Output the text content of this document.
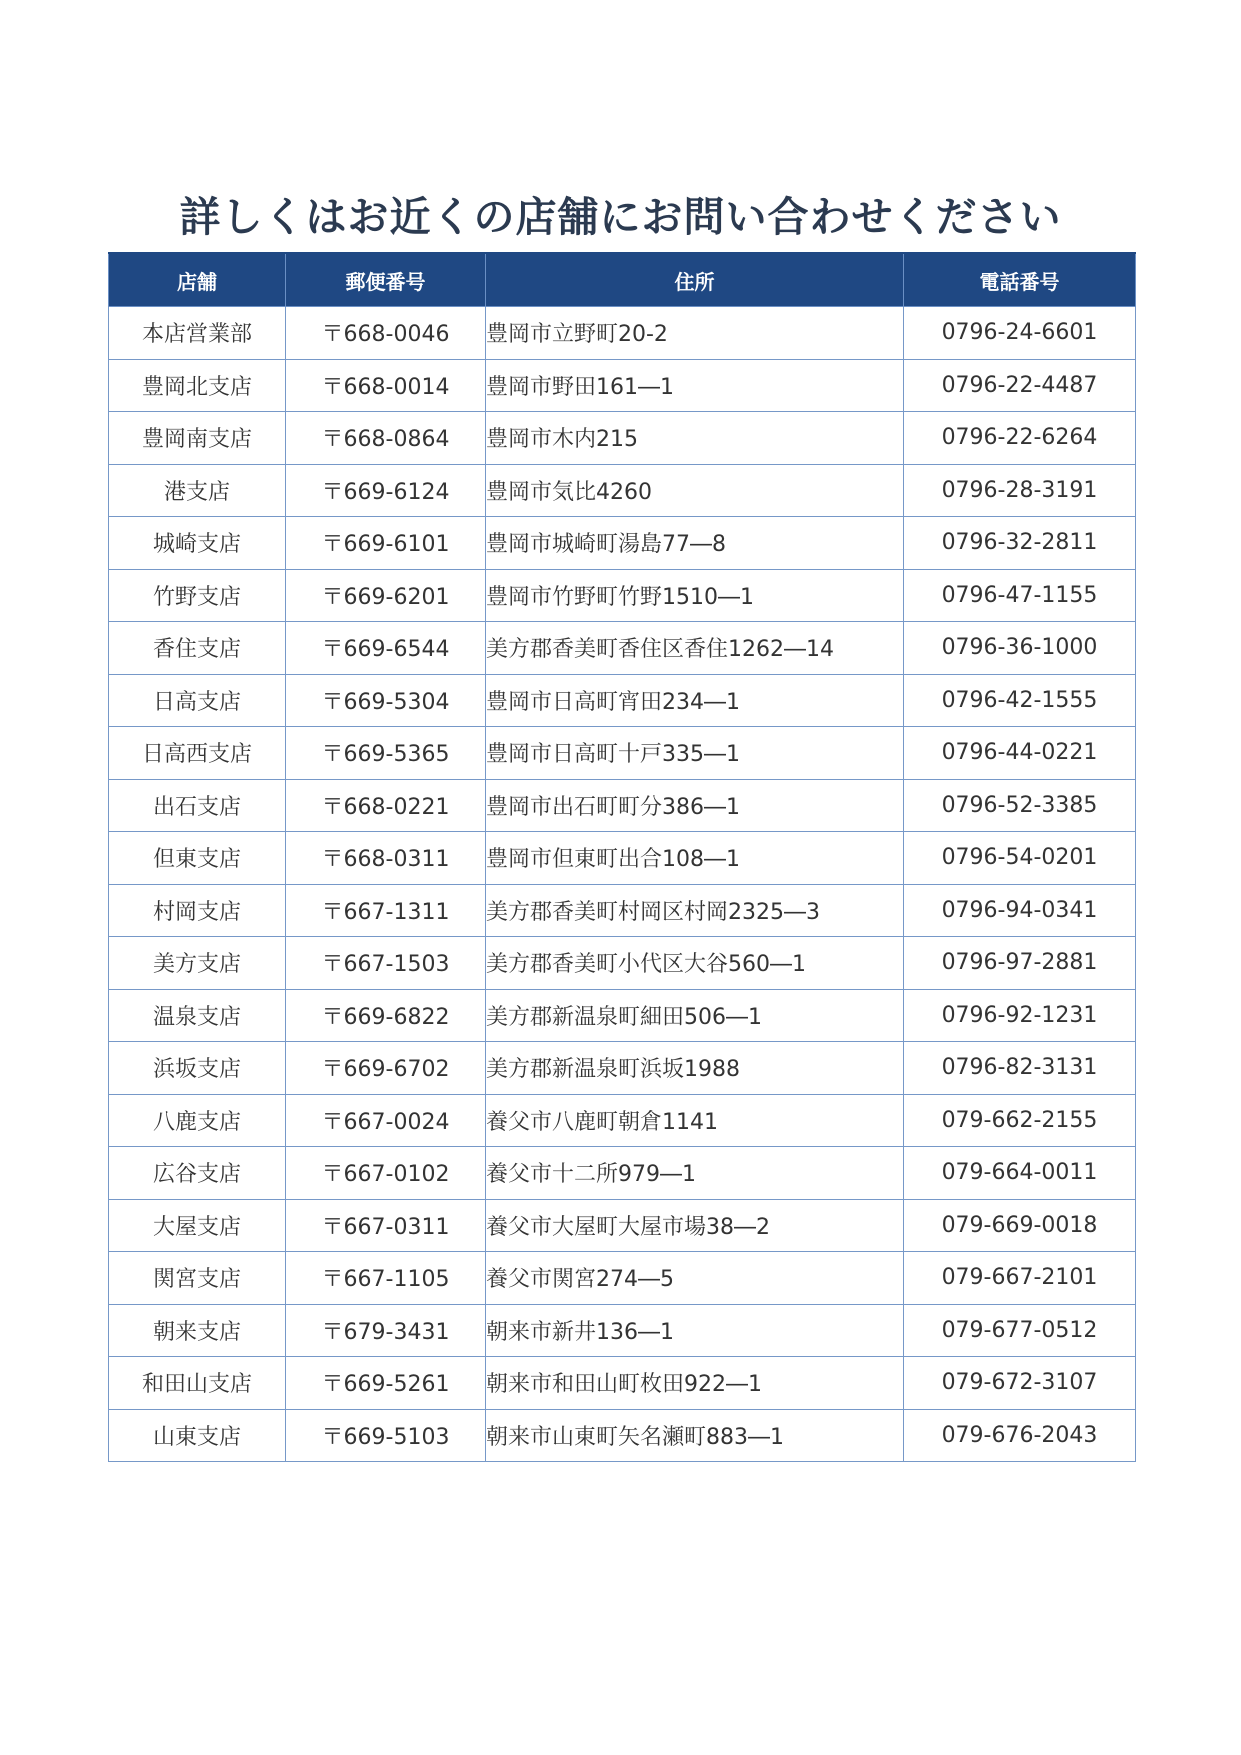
詳しくはお近くの店舗にお問い合わせください
店舗	郵便番号	住所	電話番号
本店営業部	〒668-0046	豊岡市立野町20-2	0796-24-6601
豊岡北支店	〒668-0014	豊岡市野田161―1	0796-22-4487
豊岡南支店	〒668-0864	豊岡市木内215	0796-22-6264
港支店	〒669-6124	豊岡市気比4260	0796-28-3191
城崎支店	〒669-6101	豊岡市城崎町湯島77―8	0796-32-2811
竹野支店	〒669-6201	豊岡市竹野町竹野1510―1	0796-47-1155
香住支店	〒669-6544	美方郡香美町香住区香住1262―14	0796-36-1000
日高支店	〒669-5304	豊岡市日高町宵田234―1	0796-42-1555
日高西支店	〒669-5365	豊岡市日高町十戸335―1	0796-44-0221
出石支店	〒668-0221	豊岡市出石町町分386―1	0796-52-3385
但東支店	〒668-0311	豊岡市但東町出合108―1	0796-54-0201
村岡支店	〒667-1311	美方郡香美町村岡区村岡2325―3	0796-94-0341
美方支店	〒667-1503	美方郡香美町小代区大谷560―1	0796-97-2881
温泉支店	〒669-6822	美方郡新温泉町細田506―1	0796-92-1231
浜坂支店	〒669-6702	美方郡新温泉町浜坂1988	0796-82-3131
八鹿支店	〒667-0024	養父市八鹿町朝倉1141	079-662-2155
広谷支店	〒667-0102	養父市十二所979―1	079-664-0011
大屋支店	〒667-0311	養父市大屋町大屋市場38―2	079-669-0018
関宮支店	〒667-1105	養父市関宮274―5	079-667-2101
朝来支店	〒679-3431	朝来市新井136―1	079-677-0512
和田山支店	〒669-5261	朝来市和田山町枚田922―1	079-672-3107
山東支店	〒669-5103	朝来市山東町矢名瀬町883―1	079-676-2043
